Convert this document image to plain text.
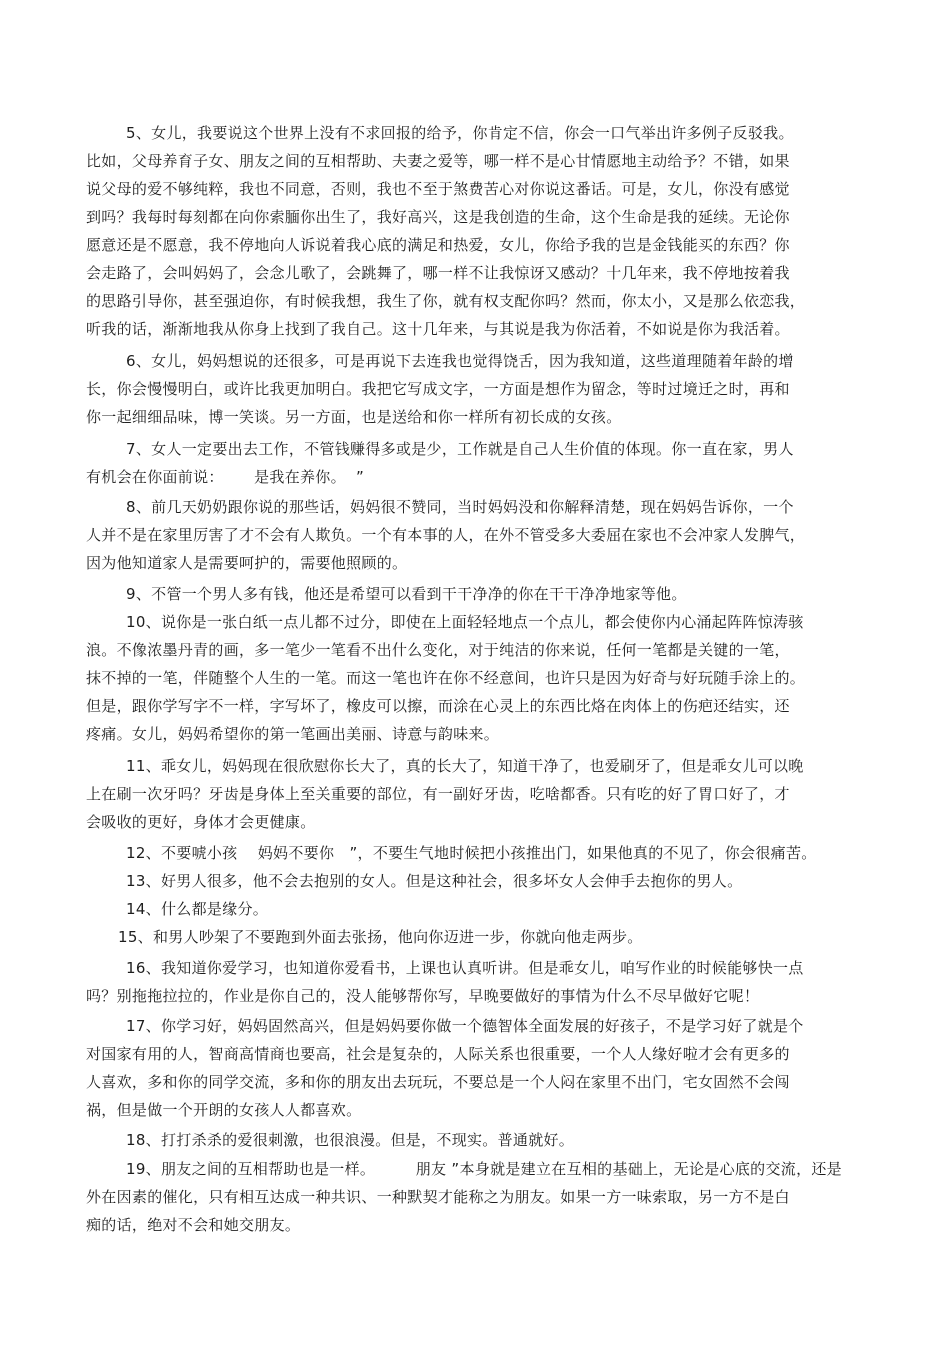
5、女儿，我要说这个世界上没有不求回报的给予，你肯定不信，你会一口气举出许多例子反驳我。
比如，父母养育子女、朋友之间的互相帮助、夫妻之爱等，哪一样不是心甘情愿地主动给予？不错，如果
说父母的爱不够纯粹，我也不同意，否则，我也不至于煞费苦心对你说这番话。可是，女儿，你没有感觉
到吗？我每时每刻都在向你索腼你出生了，我好高兴，这是我创造的生命，这个生命是我的延续。无论你
愿意还是不愿意，我不停地向人诉说着我心底的满足和热爱，女儿，你给予我的岂是金钱能买的东西？你
会走路了，会叫妈妈了，会念儿歌了，会跳舞了，哪一样不让我惊讶又感动？十几年来，我不停地按着我
的思路引导你，甚至强迫你，有时候我想，我生了你，就有权支配你吗？然而，你太小，又是那么依恋我，
听我的话，渐渐地我从你身上找到了我自己。这十几年来，与其说是我为你活着，不如说是你为我活着。
6、女儿，妈妈想说的还很多，可是再说下去连我也觉得饶舌，因为我知道，这些道理随着年龄的增
长，你会慢慢明白，或许比我更加明白。我把它写成文字，一方面是想作为留念，等时过境迁之时，再和
你一起细细品味，博一笑谈。另一方面，也是送给和你一样所有初长成的女孩。
7、女人一定要出去工作，不管钱赚得多或是少，工作就是自己人生价值的体现。你一直在家，男人
有机会在你面前说：      是我在养你。  ”
8、前几天奶奶跟你说的那些话，妈妈很不赞同，当时妈妈没和你解释清楚，现在妈妈告诉你，一个
人并不是在家里厉害了才不会有人欺负。一个有本事的人，在外不管受多大委屈在家也不会冲家人发脾气，
因为他知道家人是需要呵护的，需要他照顾的。
9、不管一个男人多有钱，他还是希望可以看到干干净净的你在干干净净地家等他。
10、说你是一张白纸一点儿都不过分，即使在上面轻轻地点一个点儿，都会使你内心涌起阵阵惊涛骇
浪。不像浓墨丹青的画，多一笔少一笔看不出什么变化，对于纯洁的你来说，任何一笔都是关键的一笔，
抹不掉的一笔，伴随整个人生的一笔。而这一笔也许在你不经意间，也许只是因为好奇与好玩随手涂上的。
但是，跟你学写字不一样，字写坏了，橡皮可以擦，而涂在心灵上的东西比烙在肉体上的伤疤还结实，还
疼痛。女儿，妈妈希望你的第一笔画出美丽、诗意与韵味来。
11、乖女儿，妈妈现在很欣慰你长大了，真的长大了，知道干净了，也爱刷牙了，但是乖女儿可以晚
上在刷一次牙吗？牙齿是身体上至关重要的部位，有一副好牙齿，吃啥都香。只有吃的好了胃口好了，才
会吸收的更好，身体才会更健康。
12、不要唬小孩    妈妈不要你   ”，不要生气地时候把小孩推出门，如果他真的不见了，你会很痛苦。
13、好男人很多，他不会去抱别的女人。但是这种社会，很多坏女人会伸手去抱你的男人。
14、什么都是缘分。
15、和男人吵架了不要跑到外面去张扬，他向你迈进一步，你就向他走两步。
16、我知道你爱学习，也知道你爱看书，上课也认真听讲。但是乖女儿，咱写作业的时候能够快一点
吗？别拖拖拉拉的，作业是你自己的，没人能够帮你写，早晚要做好的事情为什么不尽早做好它呢！
17、你学习好，妈妈固然高兴，但是妈妈要你做一个德智体全面发展的好孩子，不是学习好了就是个
对国家有用的人，智商高情商也要高，社会是复杂的，人际关系也很重要，一个人人缘好啦才会有更多的
人喜欢，多和你的同学交流，多和你的朋友出去玩玩，不要总是一个人闷在家里不出门，宅女固然不会闯
祸，但是做一个开朗的女孩人人都喜欢。
18、打打杀杀的爱很刺激，也很浪漫。但是，不现实。普通就好。
19、朋友之间的互相帮助也是一样。        朋友 ”本身就是建立在互相的基础上，无论是心底的交流，还是
外在因素的催化，只有相互达成一种共识、一种默契才能称之为朋友。如果一方一味索取，另一方不是白
痴的话，绝对不会和她交朋友。
